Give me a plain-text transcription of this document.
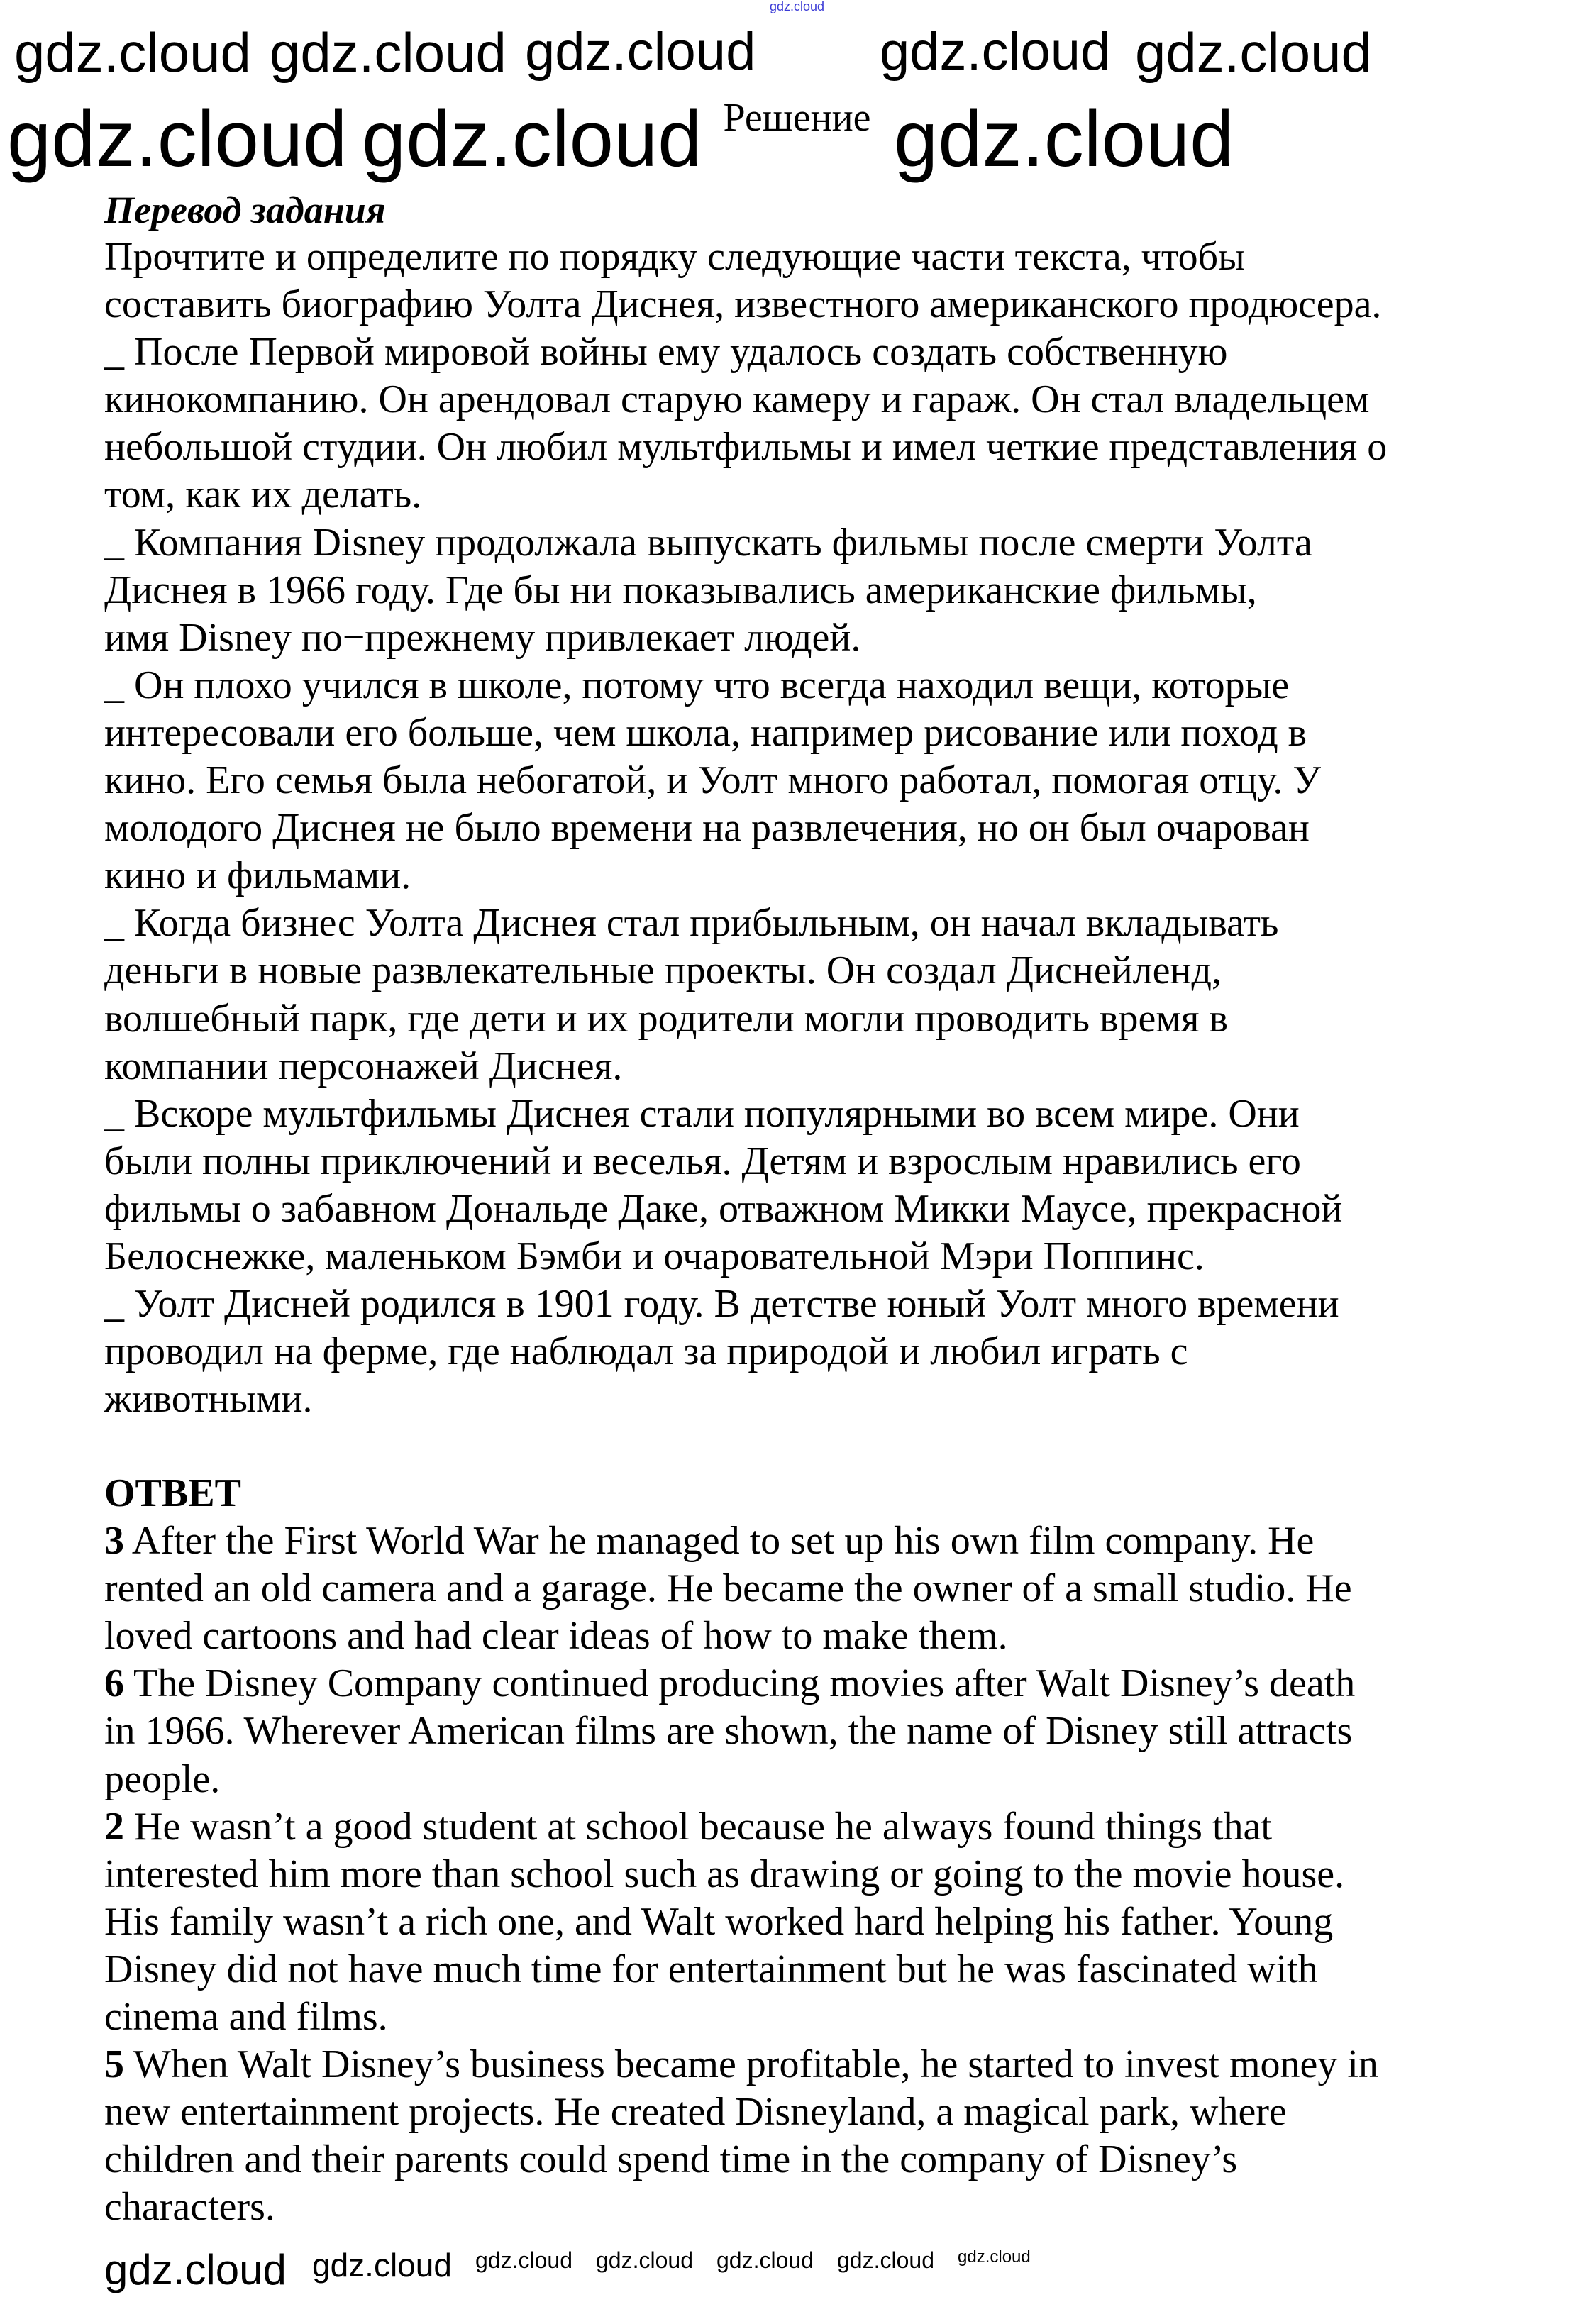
gdz.cloud
Решение
Перевод задания
Прочтите и определите по порядку следующие части текста, чтобы
составить биографию Уолта Диснея, известного американского продюсера.
_ После Первой мировой войны ему удалось создать собственную
кинокомпанию. Он арендовал старую камеру и гараж. Он стал владельцем
небольшой студии. Он любил мультфильмы и имел четкие представления о
том, как их делать.
_ Компания Disney продолжала выпускать фильмы после смерти Уолта
Диснея в 1966 году. Где бы ни показывались американские фильмы,
имя Disney по−прежнему привлекает людей.
_ Он плохо учился в школе, потому что всегда находил вещи, которые
интересовали его больше, чем школа, например рисование или поход в
кино. Его семья была небогатой, и Уолт много работал, помогая отцу. У
молодого Диснея не было времени на развлечения, но он был очарован
кино и фильмами.
_ Когда бизнес Уолта Диснея стал прибыльным, он начал вкладывать
деньги в новые развлекательные проекты. Он создал Диснейленд,
волшебный парк, где дети и их родители могли проводить время в
компании персонажей Диснея.
_ Вскоре мультфильмы Диснея стали популярными во всем мире. Они
были полны приключений и веселья. Детям и взрослым нравились его
фильмы о забавном Дональде Даке, отважном Микки Маусе, прекрасной
Белоснежке, маленьком Бэмби и очаровательной Мэри Поппинс.
_ Уолт Дисней родился в 1901 году. В детстве юный Уолт много времени
проводил на ферме, где наблюдал за природой и любил играть с
животными.
ОТВЕТ
3 After the First World War he managed to set up his own film company. He
rented an old camera and a garage. He became the owner of a small studio. He
loved cartoons and had clear ideas of how to make them.
6 The Disney Company continued producing movies after Walt Disney’s death
in 1966. Wherever American films are shown, the name of Disney still attracts
people.
2 He wasn’t a good student at school because he always found things that
interested him more than school such as drawing or going to the movie house.
His family wasn’t a rich one, and Walt worked hard helping his father. Young
Disney did not have much time for entertainment but he was fascinated with
cinema and films.
5 When Walt Disney’s business became profitable, he started to invest money in
new entertainment projects. He created Disneyland, a magical park, where
children and their parents could spend time in the company of Disney’s
characters.
gdz.cloud gdz.cloud
gdz.cloud gdz.cloud gdz.cloud
gdz.cloud gdz.cloud
gdz.cloud
gdz.cloud gdz.cloud
gdz.cloud gdz.cloud
gdz.cloud
gdz.cloud
gdz.cloud
